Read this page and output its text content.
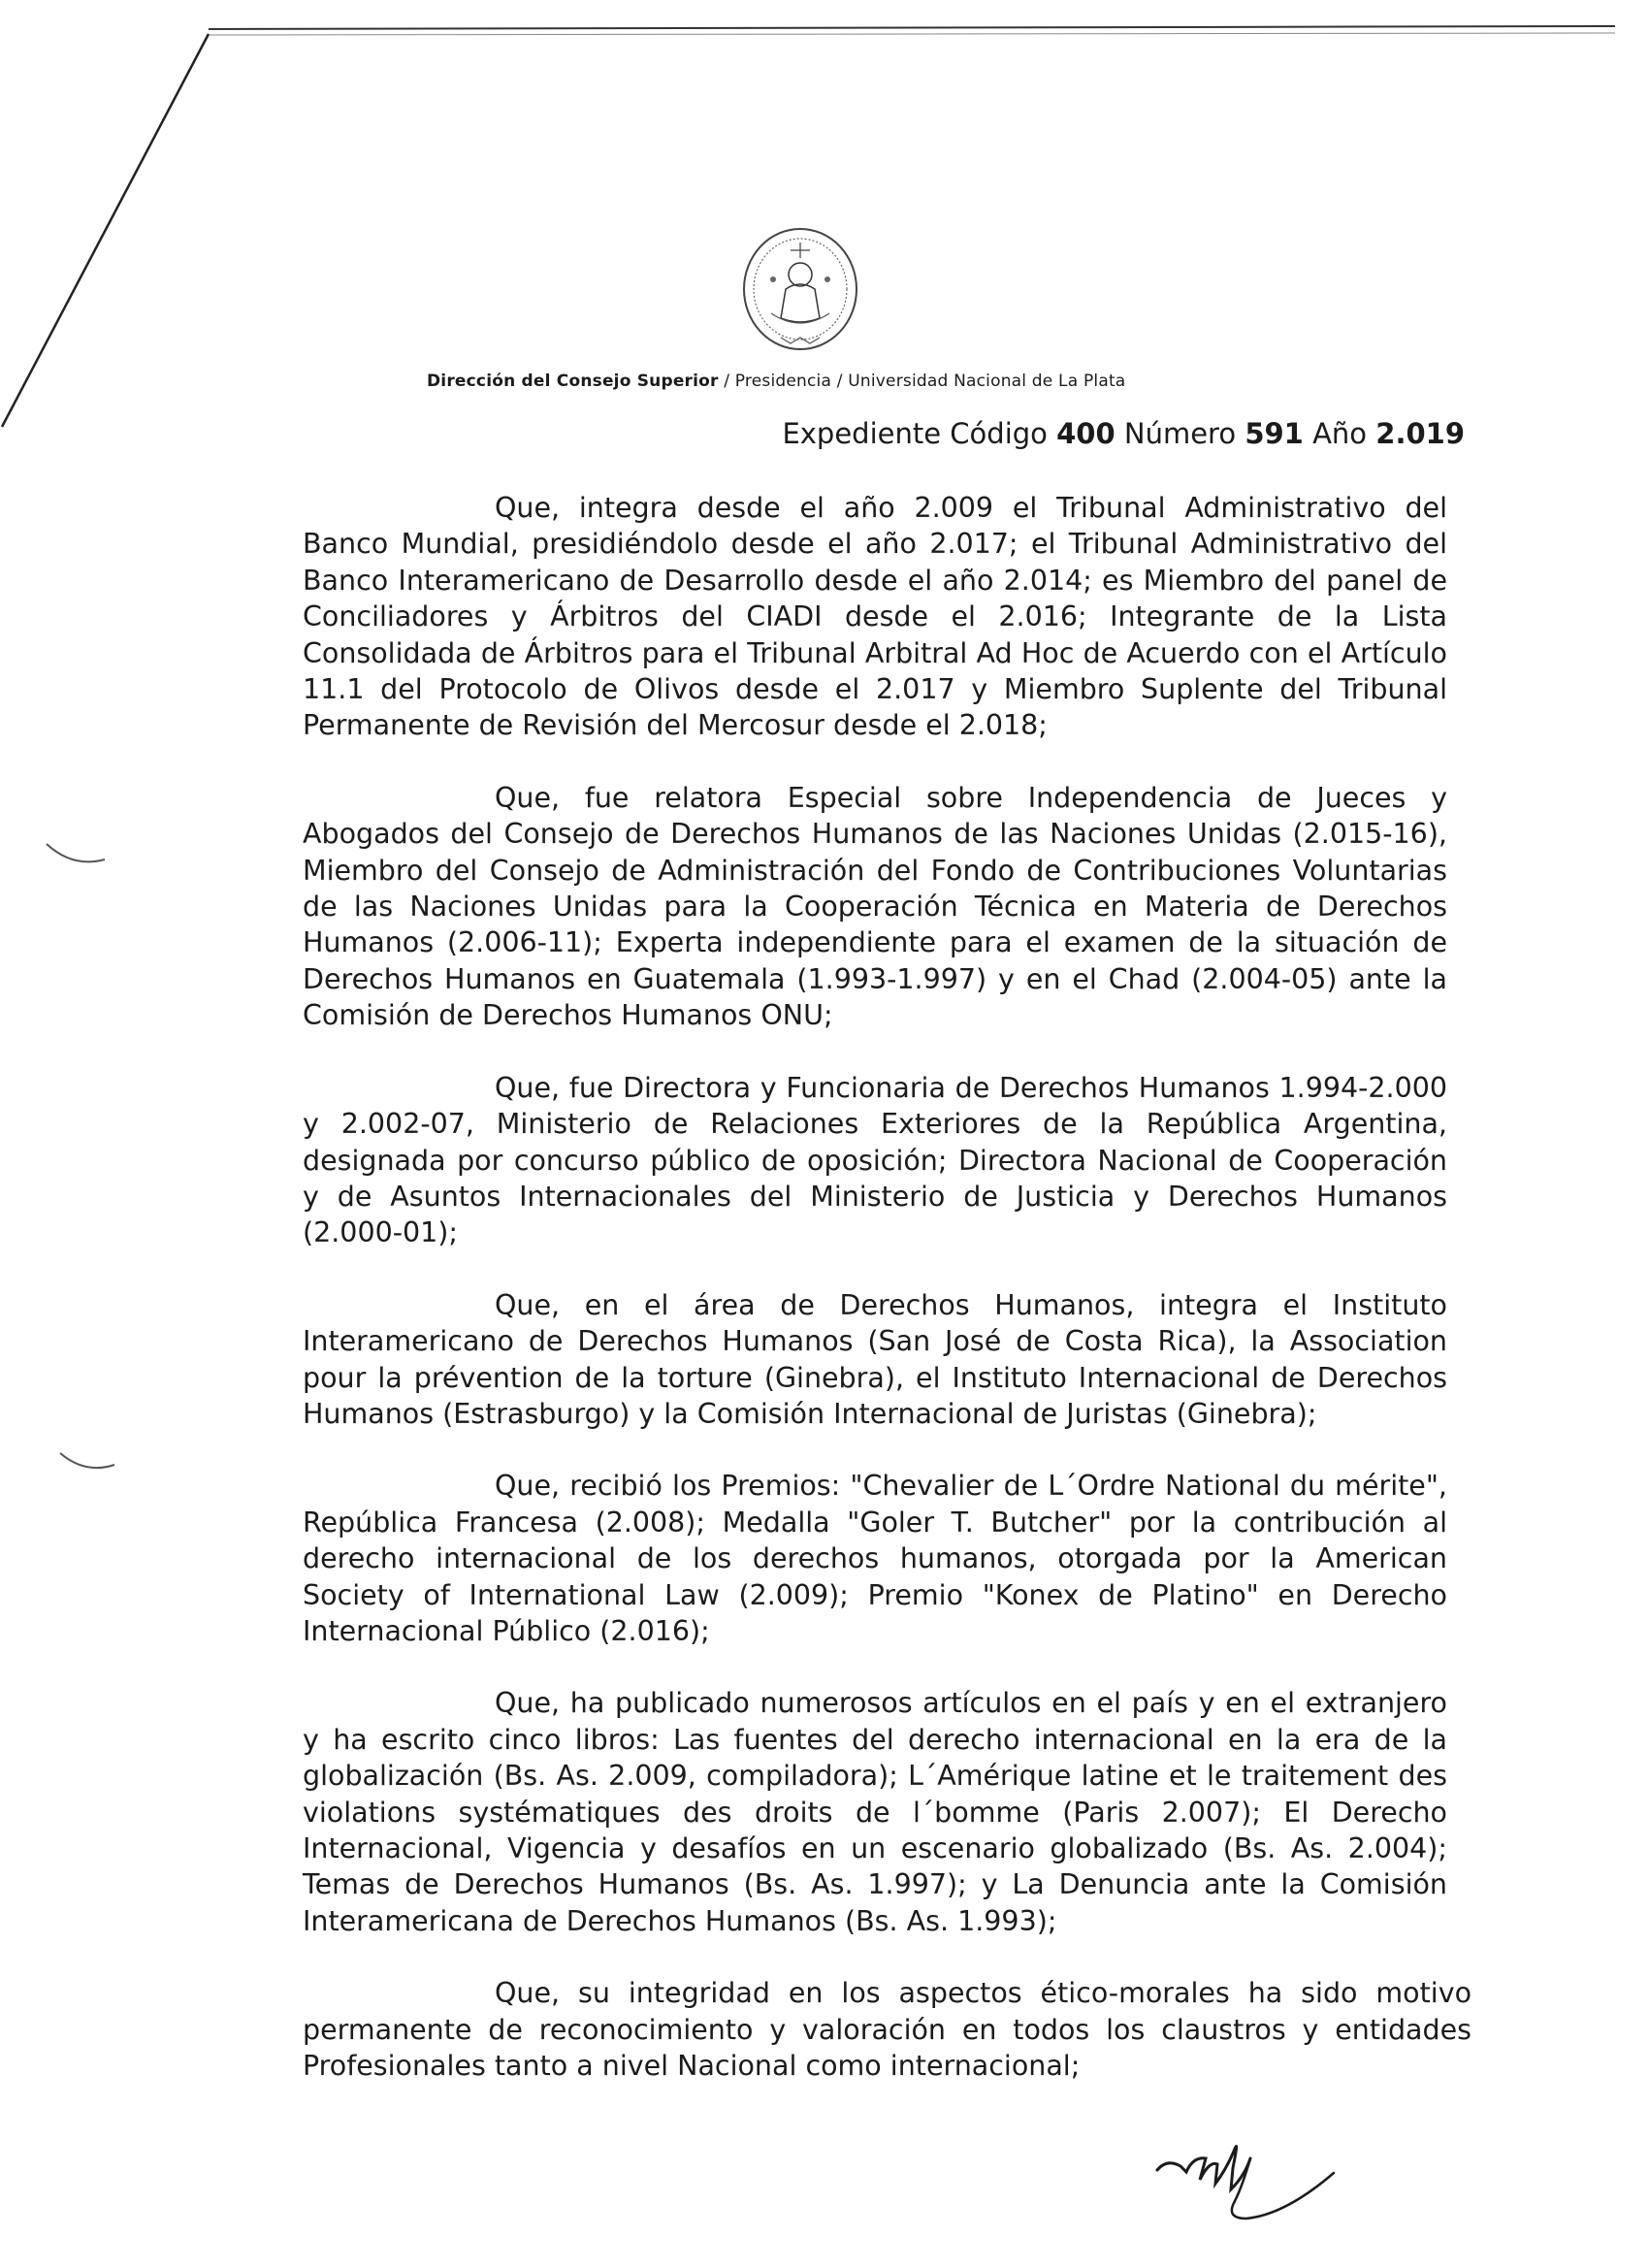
Dirección del Consejo Superior / Presidencia / Universidad Nacional de La Plata
Expediente Código 400 Número 591 Año 2.019

Que, integra desde el año 2.009 el Tribunal Administrativo del Banco Mundial, presidiéndolo desde el año 2.017; el Tribunal Administrativo del Banco Interamericano de Desarrollo desde el año 2.014; es Miembro del panel de Conciliadores y Árbitros del CIADI desde el 2.016; Integrante de la Lista Consolidada de Árbitros para el Tribunal Arbitral Ad Hoc de Acuerdo con el Artículo 11.1 del Protocolo de Olivos desde el 2.017 y Miembro Suplente del Tribunal Permanente de Revisión del Mercosur desde el 2.018;

Que, fue relatora Especial sobre Independencia de Jueces y Abogados del Consejo de Derechos Humanos de las Naciones Unidas (2.015-16), Miembro del Consejo de Administración del Fondo de Contribuciones Voluntarias de las Naciones Unidas para la Cooperación Técnica en Materia de Derechos Humanos (2.006-11); Experta independiente para el examen de la situación de Derechos Humanos en Guatemala (1.993-1.997) y en el Chad (2.004-05) ante la Comisión de Derechos Humanos ONU;

Que, fue Directora y Funcionaria de Derechos Humanos 1.994-2.000 y 2.002-07, Ministerio de Relaciones Exteriores de la República Argentina, designada por concurso público de oposición; Directora Nacional de Cooperación y de Asuntos Internacionales del Ministerio de Justicia y Derechos Humanos (2.000-01);

Que, en el área de Derechos Humanos, integra el Instituto Interamericano de Derechos Humanos (San José de Costa Rica), la Association pour la prévention de la torture (Ginebra), el Instituto Internacional de Derechos Humanos (Estrasburgo) y la Comisión Internacional de Juristas (Ginebra);

Que, recibió los Premios: "Chevalier de L´Ordre National du mérite", República Francesa (2.008); Medalla "Goler T. Butcher" por la contribución al derecho internacional de los derechos humanos, otorgada por la American Society of International Law (2.009); Premio "Konex de Platino" en Derecho Internacional Público (2.016);

Que, ha publicado numerosos artículos en el país y en el extranjero y ha escrito cinco libros: Las fuentes del derecho internacional en la era de la globalización (Bs. As. 2.009, compiladora); L´Amérique latine et le traitement des violations systématiques des droits de l´bomme (Paris 2.007); El Derecho Internacional, Vigencia y desafíos en un escenario globalizado (Bs. As. 2.004); Temas de Derechos Humanos (Bs. As. 1.997); y La Denuncia ante la Comisión Interamericana de Derechos Humanos (Bs. As. 1.993);

Que, su integridad en los aspectos ético-morales ha sido motivo permanente de reconocimiento y valoración en todos los claustros y entidades Profesionales tanto a nivel Nacional como internacional;
